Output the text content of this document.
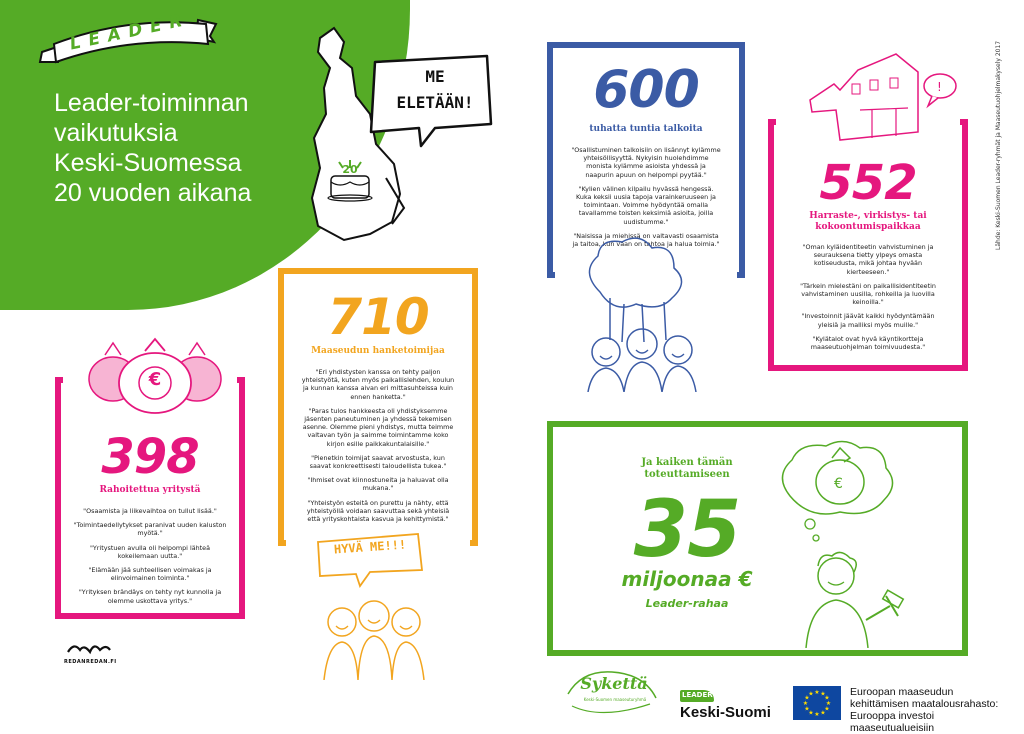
LEADER
Leader-toiminnan
vaikutuksia
Keski-Suomessa
20 vuoden aikana
20
ME
ELETÄÄN!	Lähde: Keski-Suomen Leader-ryhmät ja Maaseutuohjelmakysely 2017
600
tuhatta tuntia talkoita
"Osallistuminen talkoisiin on lisännyt kylämme yhteisöllisyyttä. Nykyisin huolehdimme monista kylämme asioista yhdessä ja naapurin apuun on helpompi pyytää."
"Kylien välinen kilpailu hyvässä hengessä. Kuka keksii uusia tapoja varainkeruuseen ja toimintaan. Voimme hyödyntää omalla tavallamme toisten keksimiä asioita, joilla uudistumme."
"Naisissa ja miehissä on valtavasti osaamista ja taitoa, kun vaan on tahtoa ja halua toimia."
552
Harraste-, virkistys- tai kokoontumispaikkaa
"Oman kyläidentiteetin vahvistuminen ja seurauksena tietty ylpeys omasta kotiseudusta, mikä johtaa hyvään kierteeseen."
"Tärkein mielestäni on paikallisidentiteetin vahvistaminen uusilla, rohkeilla ja luovilla keinoilla."
"Investoinnit jäävät kaikki hyödyntämään yleisiä ja malliksi myös muille."
"Kylätalot ovat hyvä käyntikortteja maaseutuohjelman toimivuudesta."
!
710
Maaseudun hanketoimijaa
"Eri yhdistysten kanssa on tehty paljon yhteistyötä, kuten myös paikallislehden, koulun ja kunnan kanssa aivan eri mittasuhteissa kuin ennen hanketta."
"Paras tulos hankkeesta oli yhdistyksemme jäsenten paneutuminen ja yhdessä tekemisen asenne. Olemme pieni yhdistys, mutta teimme valtavan työn ja saimme toimintamme koko kirjon esille paikkakuntalaisille."
"Pienetkin toimijat saavat arvostusta, kun saavat konkreettisesti taloudellista tukea."
"Ihmiset ovat kiinnostuneita ja haluavat olla mukana."
"Yhteistyön esteitä on purettu ja nähty, että yhteistyöllä voidaan saavuttaa sekä yhteisiä että yrityskohtaista kasvua ja kehittymistä."
HYVÄ ME!!!
398
Rahoitettua yritystä
"Osaamista ja liikevaihtoa on tullut lisää."
"Toimintaedellytykset paranivat uuden kaluston myötä."
"Yritystuen avulla oli helpompi lähteä kokeilemaan uutta."
"Elämään jää suhteellisen voimakas ja elinvoimainen toiminta."
"Yrityksen brändäys on tehty nyt kunnolla ja olemme uskottava yritys."
€
Ja kaiken tämän toteuttamiseen
35
miljoonaa €
Leader-rahaa
€
REDANREDAN.FI
Sykettä
Keski-Suomen maaseuturyhmä
LEADER
Keski-Suomi
★ ★
★
★
★
★
★
★
★
★
★
★	Euroopan maaseudun
kehittämisen maatalousrahasto:
Eurooppa investoi maaseutualueisiin
